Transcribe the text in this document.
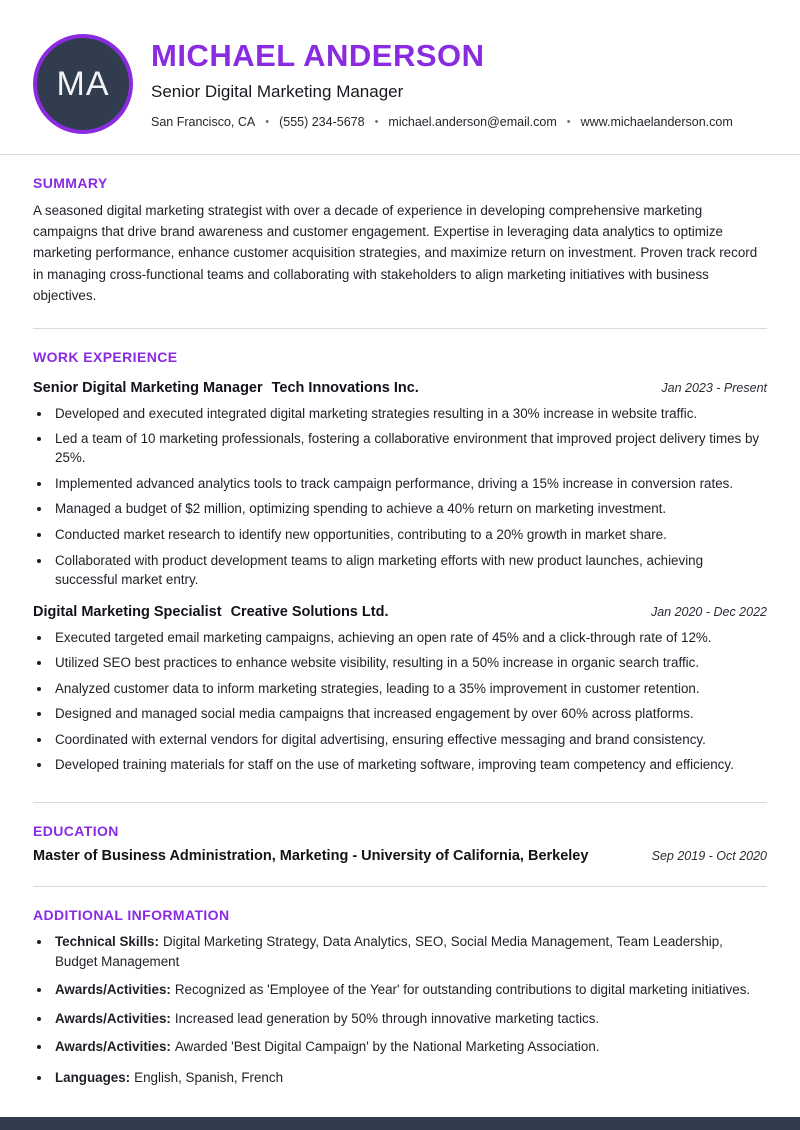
MA
MICHAEL ANDERSON
Senior Digital Marketing Manager
San Francisco, CA • (555) 234-5678 • michael.anderson@email.com • www.michaelanderson.com
SUMMARY

A seasoned digital marketing strategist with over a decade of experience in developing comprehensive marketing campaigns that drive brand awareness and customer engagement. Expertise in leveraging data analytics to optimize marketing performance, enhance customer acquisition strategies, and maximize return on investment. Proven track record in managing cross-functional teams and collaborating with stakeholders to align marketing initiatives with business objectives.

WORK EXPERIENCE
Senior Digital Marketing Manager Tech Innovations Inc.	Jan 2023 - Present
• Developed and executed integrated digital marketing strategies resulting in a 30% increase in website traffic.
• Led a team of 10 marketing professionals, fostering a collaborative environment that improved project delivery times by 25%.
• Implemented advanced analytics tools to track campaign performance, driving a 15% increase in conversion rates.
• Managed a budget of $2 million, optimizing spending to achieve a 40% return on marketing investment.
• Conducted market research to identify new opportunities, contributing to a 20% growth in market share.
• Collaborated with product development teams to align marketing efforts with new product launches, achieving successful market entry.
Digital Marketing Specialist Creative Solutions Ltd.	Jan 2020 - Dec 2022
• Executed targeted email marketing campaigns, achieving an open rate of 45% and a click-through rate of 12%.
• Utilized SEO best practices to enhance website visibility, resulting in a 50% increase in organic search traffic.
• Analyzed customer data to inform marketing strategies, leading to a 35% improvement in customer retention.
• Designed and managed social media campaigns that increased engagement by over 60% across platforms.
• Coordinated with external vendors for digital advertising, ensuring effective messaging and brand consistency.
• Developed training materials for staff on the use of marketing software, improving team competency and efficiency.
EDUCATION
Master of Business Administration, Marketing - University of California, Berkeley	Sep 2019 - Oct 2020
ADDITIONAL INFORMATION
• Technical Skills: Digital Marketing Strategy, Data Analytics, SEO, Social Media Management, Team Leadership, Budget Management
• Awards/Activities: Recognized as 'Employee of the Year' for outstanding contributions to digital marketing initiatives.
• Awards/Activities: Increased lead generation by 50% through innovative marketing tactics.
• Awards/Activities: Awarded 'Best Digital Campaign' by the National Marketing Association.
• Languages: English, Spanish, French
